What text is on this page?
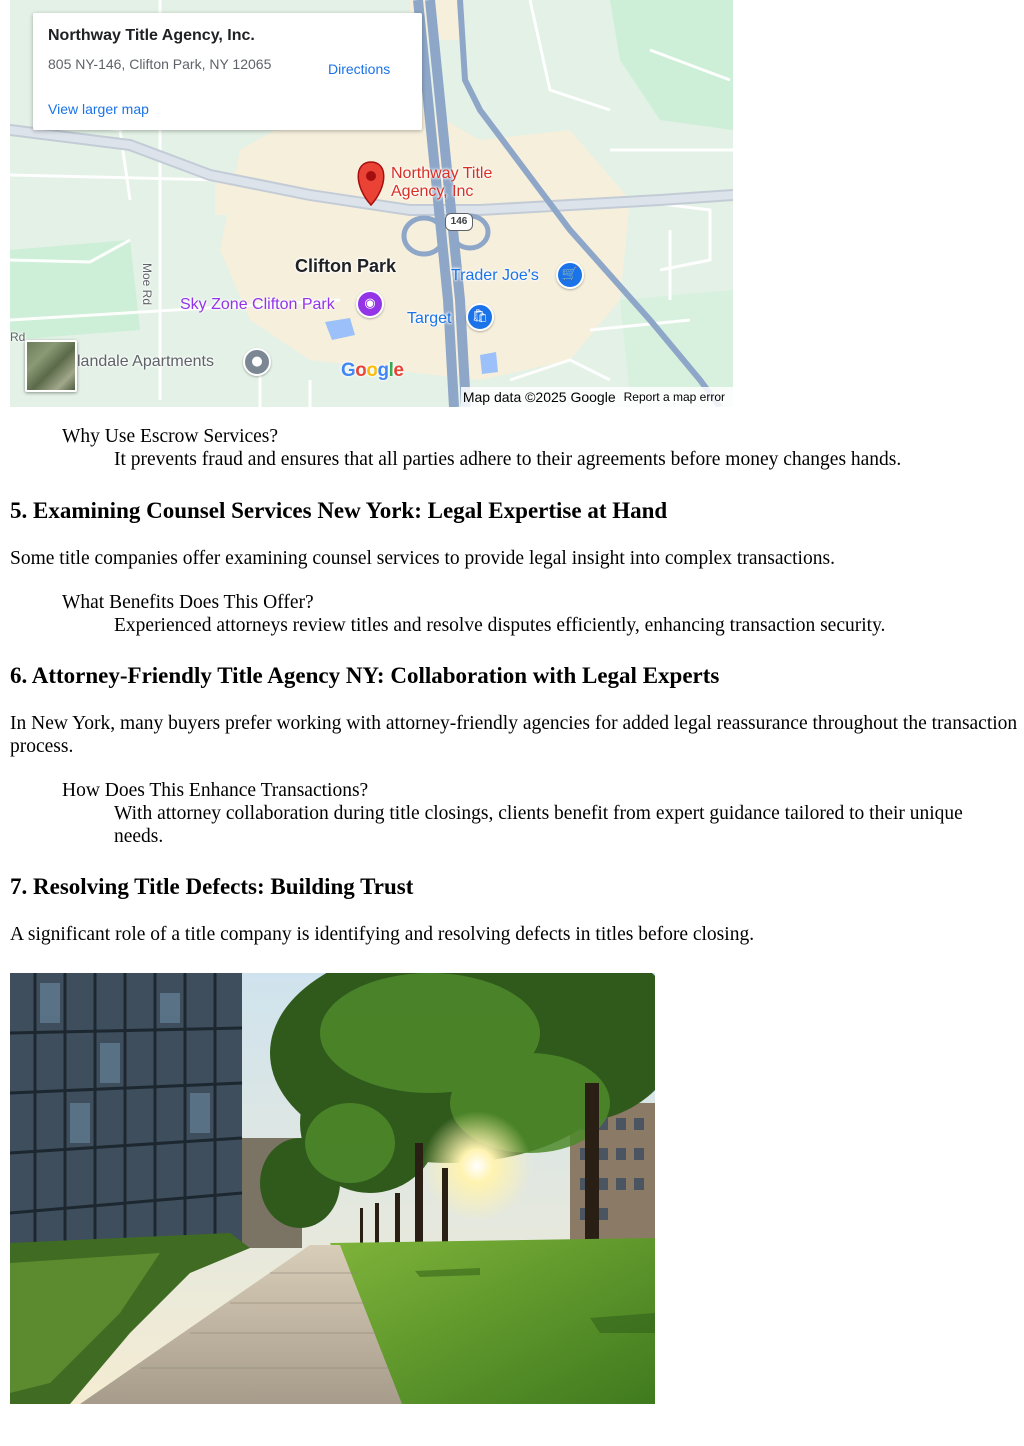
Northway Title
Agency, Inc
146
Clifton Park	Trader Joe's	🛒
Target	🛍
Sky Zone Clifton Park	◉
landale Apartments	●
Moe Rd
Rd
Northway Title Agency, Inc.
805 NY-146, Clifton Park, NY 12065	Directions
View larger map
Google
Map data ©2025 Google Report a map error
Why Use Escrow Services?
It prevents fraud and ensures that all parties adhere to their agreements before money changes hands.
5. Examining Counsel Services New York: Legal Expertise at Hand

Some title companies offer examining counsel services to provide legal insight into complex transactions.

What Benefits Does This Offer?
Experienced attorneys review titles and resolve disputes efficiently, enhancing transaction security.
6. Attorney-Friendly Title Agency NY: Collaboration with Legal Experts

In New York, many buyers prefer working with attorney-friendly agencies for added legal reassurance throughout the transaction process.

How Does This Enhance Transactions?
With attorney collaboration during title closings, clients benefit from expert guidance tailored to their unique needs.
7. Resolving Title Defects: Building Trust

A significant role of a title company is identifying and resolving defects in titles before closing.
